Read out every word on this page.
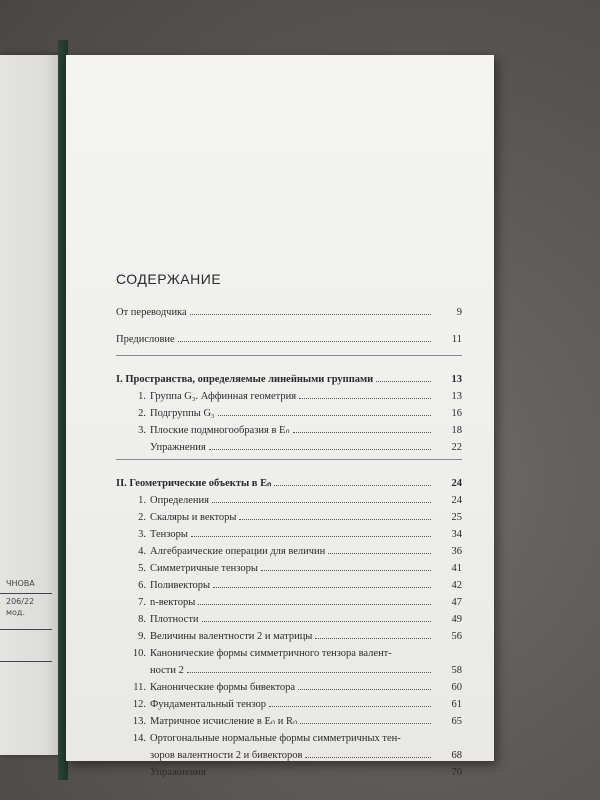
ЧНОВА
206/22
мод.
СОДЕРЖАНИЕ
От переводчика	9
Предисловие	11
I. Пространства, определяемые линейными группами	13
1. Группа G₃. Аффинная геометрия	13
2. Подгруппы G₃	16
3. Плоские подмногообразия в Eₙ	18
Упражнения	22
II. Геометрические объекты в Eₙ	24
1. Определения	24
2. Скаляры и векторы	25
3. Тензоры	34
4. Алгебраические операции для величин	36
5. Симметричные тензоры	41
6. Поливекторы	42
7. n-векторы	47
8. Плотности	49
9. Величины валентности 2 и матрицы	56
10. Канонические формы симметричного тензора валент-
ности 2	58
11. Канонические формы бивектора	60
12. Фундаментальный тензор	61
13. Матричное исчисление в Eₙ и Rₙ	65
14. Ортогональные нормальные формы симметричных тен-
зоров валентности 2 и бивекторов	68
Упражнения	70
